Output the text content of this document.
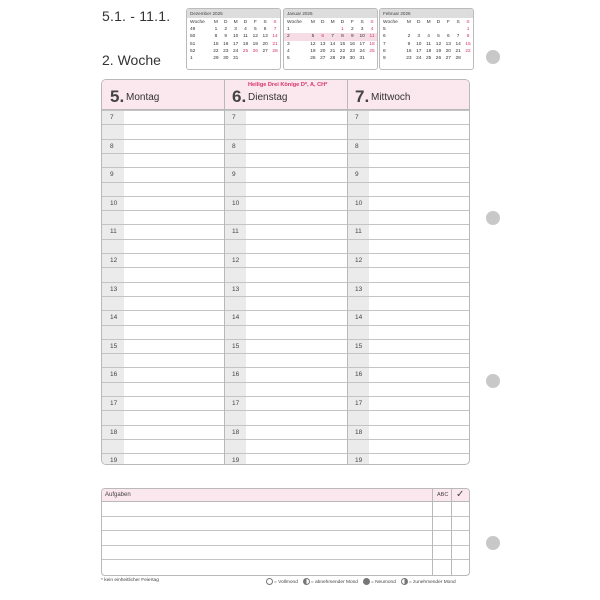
5.1. - 11.1.
2. Woche
Dezember 2025
Woche	M	D	M	D	F	S	S
49	1	2	3	4	5	6	7
50	8	9	10	11	12	13	14
51	15	16	17	18	19	20	21
52	22	23	24	25	26	27	28
1	29	30	31				
Januar 2026
Woche	M	D	M	D	F	S	S
1				1	2	3	4
2	5	6	7	8	9	10	11
3	12	13	14	15	16	17	18
4	19	20	21	22	23	24	25
5	26	27	28	29	30	31	
Februar 2026
Woche	M	D	M	D	F	S	S
5							1
6	2	3	4	5	6	7	8
7	9	10	11	12	13	14	15
8	16	17	18	19	20	21	22
9	23	24	25	26	27	28	
5. Montag
7
8
9
10
11
12
13
14
15
16
17
18
19
6. Dienstag
Heilige Drei Könige D*, A, CH*
7
8
9
10
11
12
13
14
15
16
17
18
19
7. Mittwoch
7
8
9
10
11
12
13
14
15
16
17
18
19
Aufgaben	ABC ✓
* kein einheitlicher Feiertag	= Vollmond	= abnehmender Mond	= Neumond	= zunehmender Mond
